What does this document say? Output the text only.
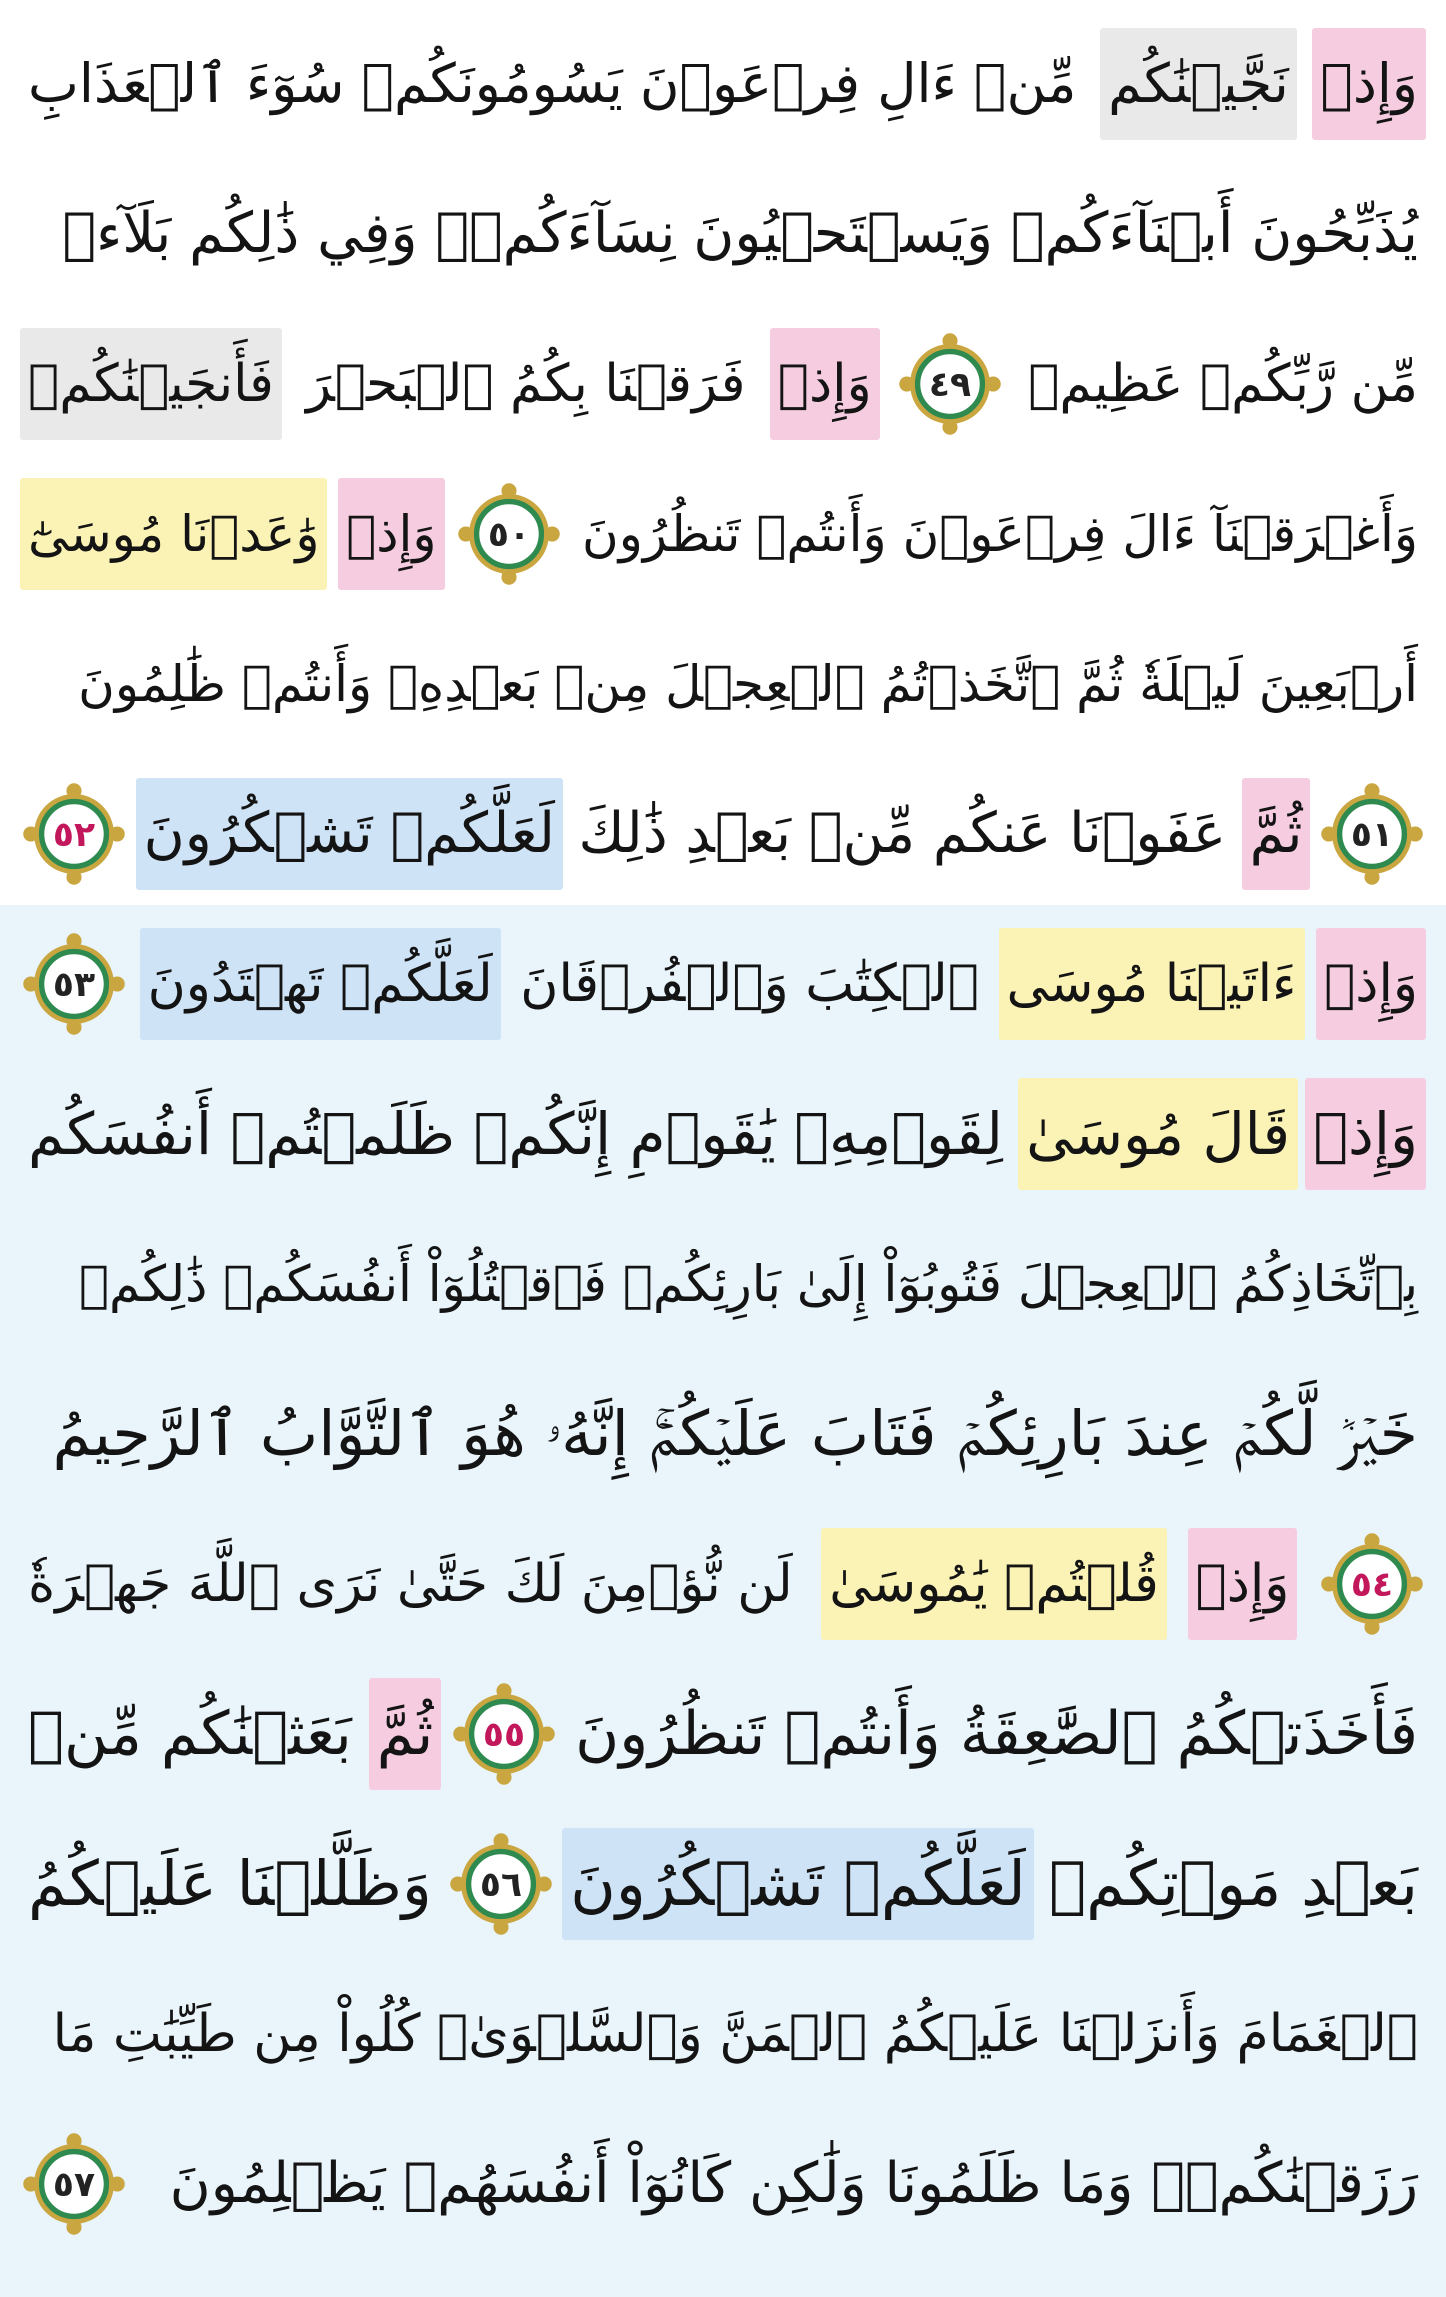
وَإِذۡ
نَجَّيۡنَٰكُم
مِّنۡ ءَالِ فِرۡعَوۡنَ يَسُومُونَكُمۡ سُوٓءَ ٱلۡعَذَابِ
يُذَبِّحُونَ أَبۡنَآءَكُمۡ وَيَسۡتَحۡيُونَ نِسَآءَكُمۡۚ وَفِي ذَٰلِكُم بَلَآءٞ
مِّن رَّبِّكُمۡ عَظِيمٞ
٤٩
وَإِذۡ
فَرَقۡنَا بِكُمُ ٱلۡبَحۡرَ
فَأَنجَيۡنَٰكُمۡ
وَأَغۡرَقۡنَآ ءَالَ فِرۡعَوۡنَ وَأَنتُمۡ تَنظُرُونَ
٥٠
وَإِذۡ
وَٰعَدۡنَا مُوسَىٰٓ
أَرۡبَعِينَ لَيۡلَةٗ ثُمَّ ٱتَّخَذۡتُمُ ٱلۡعِجۡلَ مِنۢ بَعۡدِهِۦ وَأَنتُمۡ ظَٰلِمُونَ
٥١
ثُمَّ
عَفَوۡنَا عَنكُم مِّنۢ بَعۡدِ ذَٰلِكَ
لَعَلَّكُمۡ تَشۡكُرُونَ
٥٢
وَإِذۡ
ءَاتَيۡنَا مُوسَى
ٱلۡكِتَٰبَ وَٱلۡفُرۡقَانَ
لَعَلَّكُمۡ تَهۡتَدُونَ
٥٣
وَإِذۡ
قَالَ مُوسَىٰ
لِقَوۡمِهِۦ يَٰقَوۡمِ إِنَّكُمۡ ظَلَمۡتُمۡ أَنفُسَكُم
بِٱتِّخَاذِكُمُ ٱلۡعِجۡلَ فَتُوبُوٓاْ إِلَىٰ بَارِئِكُمۡ فَٱقۡتُلُوٓاْ أَنفُسَكُمۡ ذَٰلِكُمۡ
خَيۡرٞ لَّكُمۡ عِندَ بَارِئِكُمۡ فَتَابَ عَلَيۡكُمۡۚ إِنَّهُۥ هُوَ ٱلتَّوَّابُ ٱلرَّحِيمُ
٥٤
وَإِذۡ
قُلۡتُمۡ يَٰمُوسَىٰ
لَن نُّؤۡمِنَ لَكَ حَتَّىٰ نَرَى ٱللَّهَ جَهۡرَةٗ
فَأَخَذَتۡكُمُ ٱلصَّٰعِقَةُ وَأَنتُمۡ تَنظُرُونَ
٥٥
ثُمَّ
بَعَثۡنَٰكُم مِّنۢ
بَعۡدِ مَوۡتِكُمۡ
لَعَلَّكُمۡ تَشۡكُرُونَ
٥٦
وَظَلَّلۡنَا عَلَيۡكُمُ
ٱلۡغَمَامَ وَأَنزَلۡنَا عَلَيۡكُمُ ٱلۡمَنَّ وَٱلسَّلۡوَىٰۖ كُلُواْ مِن طَيِّبَٰتِ مَا
رَزَقۡنَٰكُمۡۚ وَمَا ظَلَمُونَا وَلَٰكِن كَانُوٓاْ أَنفُسَهُمۡ يَظۡلِمُونَ
٥٧
